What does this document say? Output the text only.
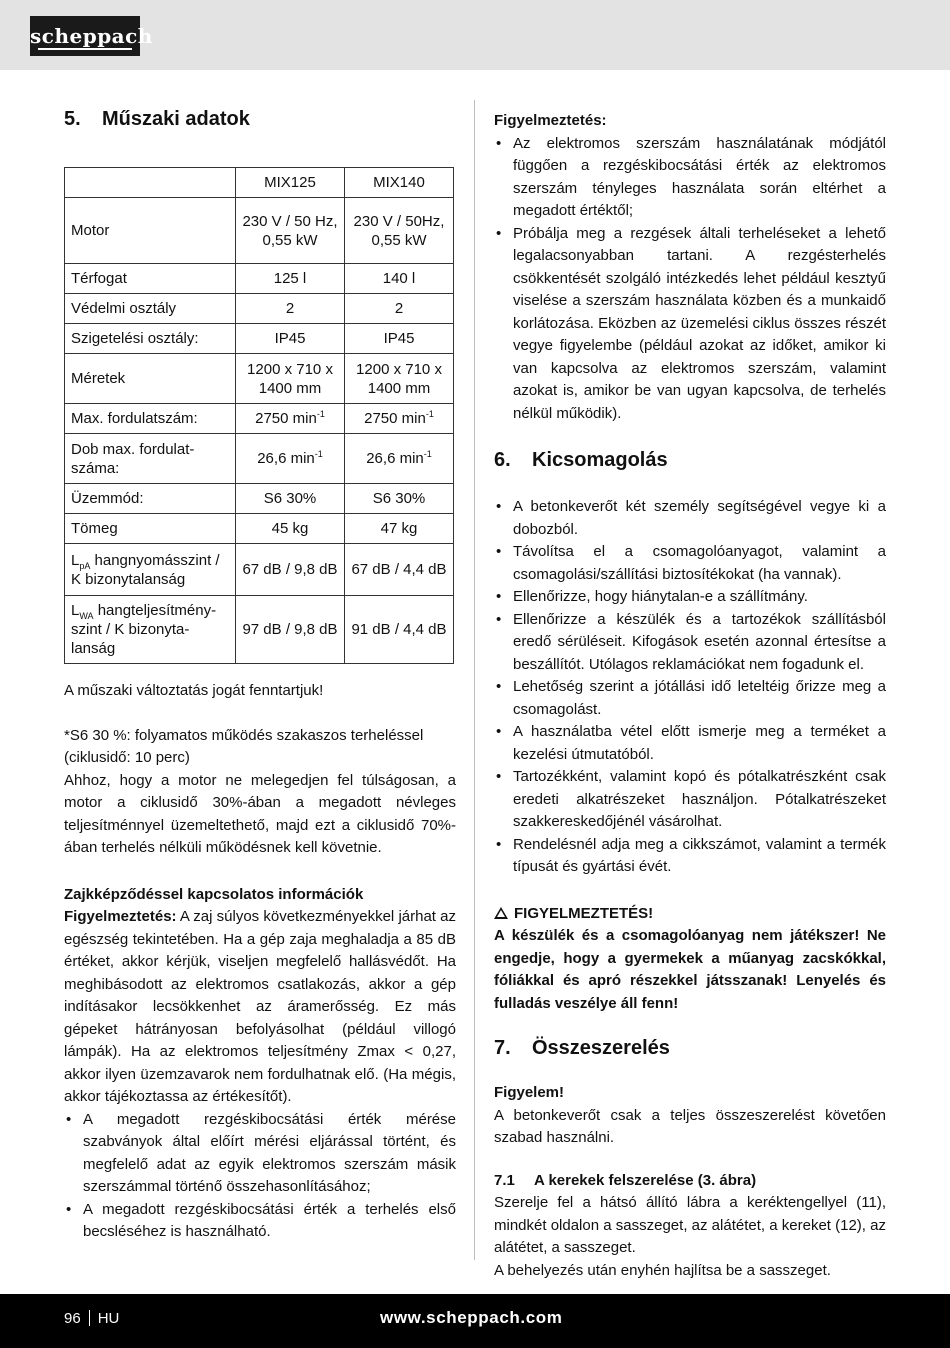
scheppach
5.	Műszaki adatok
	MIX125	MIX140
Motor	230 V / 50 Hz, 0,55 kW	230 V / 50Hz, 0,55 kW
Térfogat	125 l	140 l
Védelmi osztály	2	2
Szigetelési osztály:	IP45	IP45
Méretek	1200 x 710 x 1400 mm	1200 x 710 x 1400 mm
Max. fordulatszám:	2750 $\min^{-1}$	2750 $\min^{-1}$
Dob max. fordulat-száma:	26,6 $\min^{-1}$	26,6 $\min^{-1}$
Üzemmód:	S6 30%	S6 30%
Tömeg	45 kg	47 kg
$L_{pA}$ hangnyomásszint / K bizonytalanság	67 dB / 9,8 dB	67 dB / 4,4 dB
$L_{WA}$ hangteljesítmény-szint / K bizonyta-lanság	97 dB / 9,8 dB	91 dB / 4,4 dB

A műszaki változtatás jogát fenntartjuk!

*S6 30 %: folyamatos működés szakaszos terheléssel (ciklusidő: 10 perc)

Ahhoz, hogy a motor ne melegedjen fel túlságosan, a motor a ciklusidő 30%-ában a megadott névleges teljesítménnyel üzemeltethető, majd ezt a ciklusidő 70%-ában terhelés nélküli működésnek kell követnie.

Zajkképződéssel kapcsolatos információk

Figyelmeztetés: A zaj súlyos következményekkel járhat az egészség tekintetében. Ha a gép zaja meghaladja a 85 dB értéket, akkor kérjük, viseljen megfelelő hallásvédőt. Ha meghibásodott az elektromos csatlakozás, akkor a gép indításakor lecsökkenhet az áramerősség. Ez más gépeket hátrányosan befolyásolhat (például villogó lámpák). Ha az elektromos teljesítmény Zmax < 0,27, akkor ilyen üzemzavarok nem fordulhatnak elő. (Ha mégis, akkor tájékoztassa az értékesítőt).

• A megadott rezgéskibocsátási érték mérése szabványok által előírt mérési eljárással történt, és megfelelő adat az egyik elektromos szerszám másik szerszámmal történő összehasonlításához;
• A megadott rezgéskibocsátási érték a terhelés első becsléséhez is használható.

Figyelmeztetés:

• Az elektromos szerszám használatának módjától függően a rezgéskibocsátási érték az elektromos szerszám tényleges használata során eltérhet a megadott értéktől;
• Próbálja meg a rezgések általi terheléseket a lehető legalacsonyabban tartani. A rezgésterhelés csökkentését szolgáló intézkedés lehet például kesztyű viselése a szerszám használata közben és a munkaidő korlátozása. Eközben az üzemelési ciklus összes részét vegye figyelembe (például azokat az időket, amikor ki van kapcsolva az elektromos szerszám, valamint azokat is, amikor be van ugyan kapcsolva, de terhelés nélkül működik).
6.	Kicsomagolás
• A betonkeverőt két személy segítségével vegye ki a dobozból.
• Távolítsa el a csomagolóanyagot, valamint a csomagolási/szállítási biztosítékokat (ha vannak).
• Ellenőrizze, hogy hiánytalan-e a szállítmány.
• Ellenőrizze a készülék és a tartozékok szállításból eredő sérüléseit. Kifogások esetén azonnal értesítse a beszállítót. Utólagos reklamációkat nem fogadunk el.
• Lehetőség szerint a jótállási idő leteltéig őrizze meg a csomagolást.
• A használatba vétel előtt ismerje meg a terméket a kezelési útmutatóból.
• Tartozékként, valamint kopó és pótalkatrészként csak eredeti alkatrészeket használjon. Pótalkatrészeket szakkereskedőjénél vásárolhat.
• Rendelésnél adja meg a cikkszámot, valamint a termék típusát és gyártási évét.

FIGYELMEZTETÉS!

A készülék és a csomagolóanyag nem játékszer! Ne engedje, hogy a gyermekek a műanyag zacskókkal, fóliákkal és apró részekkel játsszanak! Lenyelés és fulladás veszélye áll fenn!

7.	Összeszerelés

Figyelem!

A betonkeverőt csak a teljes összeszerelést követően szabad használni.

7.1	A kerekek felszerelése (3. ábra)

Szerelje fel a hátsó állító lábra a keréktengellyel (11), mindkét oldalon a sasszeget, az alátétet, a kereket (12), az alátétet, a sasszeget.

A behelyezés után enyhén hajlítsa be a sasszeget.

96 HU	www.scheppach.com
